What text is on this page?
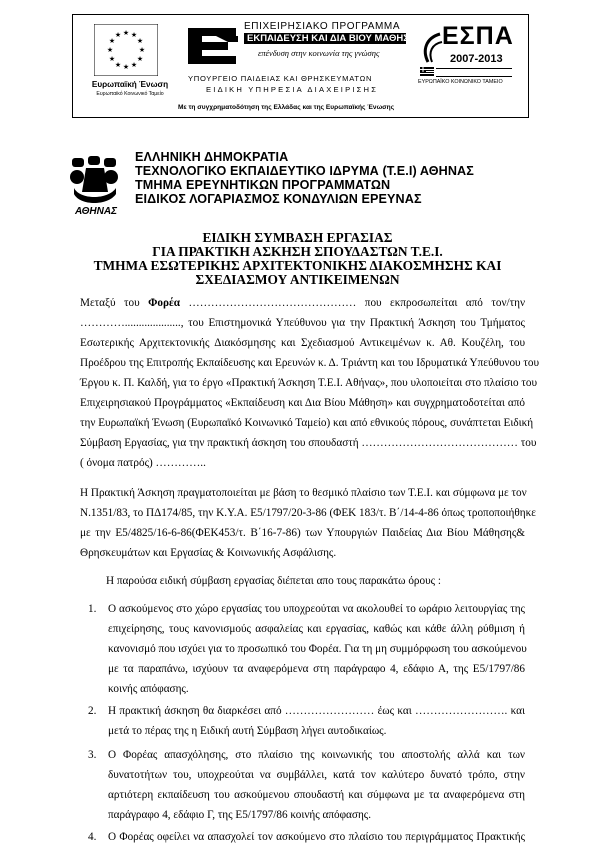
★ ★
★
★
★
★
★
★
★
★
★
★
Ευρωπαϊκή Ένωση
Ευρωπαϊκό Κοινωνικό Ταμείο
ΕΠΙΧΕΙΡΗΣΙΑΚΟ ΠΡΟΓΡΑΜΜΑ
ΕΚΠΑΙΔΕΥΣΗ ΚΑΙ ΔΙΑ ΒΙΟΥ ΜΑΘΗΣΗ
επένδυση στην κοινωνία της γνώσης
ΥΠΟΥΡΓΕΙΟ ΠΑΙΔΕΙΑΣ ΚΑΙ ΘΡΗΣΚΕΥΜΑΤΩΝ
ΕΙΔΙΚΗ ΥΠΗΡΕΣΙΑ ΔΙΑΧΕΙΡΙΣΗΣ
Με τη συγχρηματοδότηση της Ελλάδας και της Ευρωπαϊκής Ένωσης
ΕΣΠΑ
2007-2013
ΕΥΡΩΠΑΪΚΟ ΚΟΙΝΩΝΙΚΟ ΤΑΜΕΙΟ
ΑΘΗΝΑΣ
ΕΛΛΗΝΙΚΗ ΔΗΜΟΚΡΑΤΙΑ
ΤΕΧΝΟΛΟΓΙΚΟ ΕΚΠΑΙΔΕΥΤΙΚΟ ΙΔΡΥΜΑ (Τ.Ε.Ι) ΑΘΗΝΑΣ
ΤΜΗΜΑ ΕΡΕΥΝΗΤΙΚΩΝ ΠΡΟΓΡΑΜΜΑΤΩΝ
ΕΙΔΙΚΟΣ ΛΟΓΑΡΙΑΣΜΟΣ ΚΟΝΔΥΛΙΩΝ ΕΡΕΥΝΑΣ
ΕΙΔΙΚΗ ΣΥΜΒΑΣΗ ΕΡΓΑΣΙΑΣ
ΓΙΑ ΠΡΑΚΤΙΚΗ ΑΣΚΗΣΗ ΣΠΟΥΔΑΣΤΩΝ Τ.Ε.Ι.
ΤΜΗΜΑ ΕΣΩΤΕΡΙΚΗΣ ΑΡΧΙΤΕΚΤΟΝΙΚΗΣ ΔΙΑΚΟΣΜΗΣΗΣ ΚΑΙ
ΣΧΕΔΙΑΣΜΟΥ ΑΝΤΙΚΕΙΜΕΝΩΝ
Μεταξύ του Φορέα ……………………………………… που εκπροσωπείται από τον/την
…………...................., του Επιστημονικά Υπεύθυνου για την Πρακτική Άσκηση του Τμήματος
Εσωτερικής Αρχιτεκτονικής Διακόσμησης και Σχεδιασμού Αντικειμένων κ. Αθ. Κουζέλη, του
Προέδρου της Επιτροπής Εκπαίδευσης και Ερευνών κ. Δ. Τριάντη και του Ιδρυματικά Υπεύθυνου του
Έργου κ. Π. Καλδή, για το έργο «Πρακτική Άσκηση Τ.Ε.Ι. Αθήνας», που υλοποιείται στο πλαίσιο του
Επιχειρησιακού Προγράμματος «Εκπαίδευση και Δια Βίου Μάθηση» και συγχρηματοδοτείται από
την Ευρωπαϊκή Ένωση (Ευρωπαϊκό Κοινωνικό Ταμείο) και από εθνικούς πόρους, συνάπτεται Ειδική
Σύμβαση Εργασίας, για την πρακτική άσκηση του σπουδαστή …………………………………… του
( όνομα πατρός) …………..
Η Πρακτική Άσκηση πραγματοποιείται με βάση το θεσμικό πλαίσιο των Τ.Ε.Ι. και σύμφωνα με τον
Ν.1351/83, το ΠΔ174/85, την Κ.Υ.Α. Ε5/1797/20-3-86 (ΦΕΚ 183/τ. Β΄/14-4-86 όπως τροποποιήθηκε
με την Ε5/4825/16-6-86(ΦΕΚ453/τ. Β΄16-7-86) των Υπουργιών Παιδείας Δια Βίου Μάθησης&
Θρησκευμάτων και Εργασίας & Κοινωνικής Ασφάλισης.
Η παρούσα ειδική σύμβαση εργασίας διέπεται απο τους παρακάτω όρους :
1. Ο ασκούμενος στο χώρο εργασίας του υποχρεούται να ακολουθεί το ωράριο λειτουργίας της
επιχείρησης, τους κανονισμούς ασφαλείας και εργασίας, καθώς και κάθε άλλη ρύθμιση ή
κανονισμό που ισχύει για το προσωπικό του Φορέα. Για τη μη συμμόρφωση του ασκούμενου
με τα παραπάνω, ισχύουν τα αναφερόμενα στη παράγραφο 4, εδάφιο Α, της Ε5/1797/86
κοινής απόφασης.
2. Η πρακτική άσκηση θα διαρκέσει από …………………… έως και ……………………. και
μετά το πέρας της η Ειδική αυτή Σύμβαση λήγει αυτοδικαίως.
3. Ο Φορέας απασχόλησης, στο πλαίσιο της κοινωνικής του αποστολής αλλά και των
δυνατοτήτων του, υποχρεούται να συμβάλλει, κατά τον καλύτερο δυνατό τρόπο, στην
αρτιότερη εκπαίδευση του ασκούμενου σπουδαστή και σύμφωνα με τα αναφερόμενα στη
παράγραφο 4, εδάφιο Γ, της Ε5/1797/86 κοινής απόφασης.
4. Ο Φορέας οφείλει να απασχολεί τον ασκούμενο στο πλαίσιο του περιγράμματος Πρακτικής
